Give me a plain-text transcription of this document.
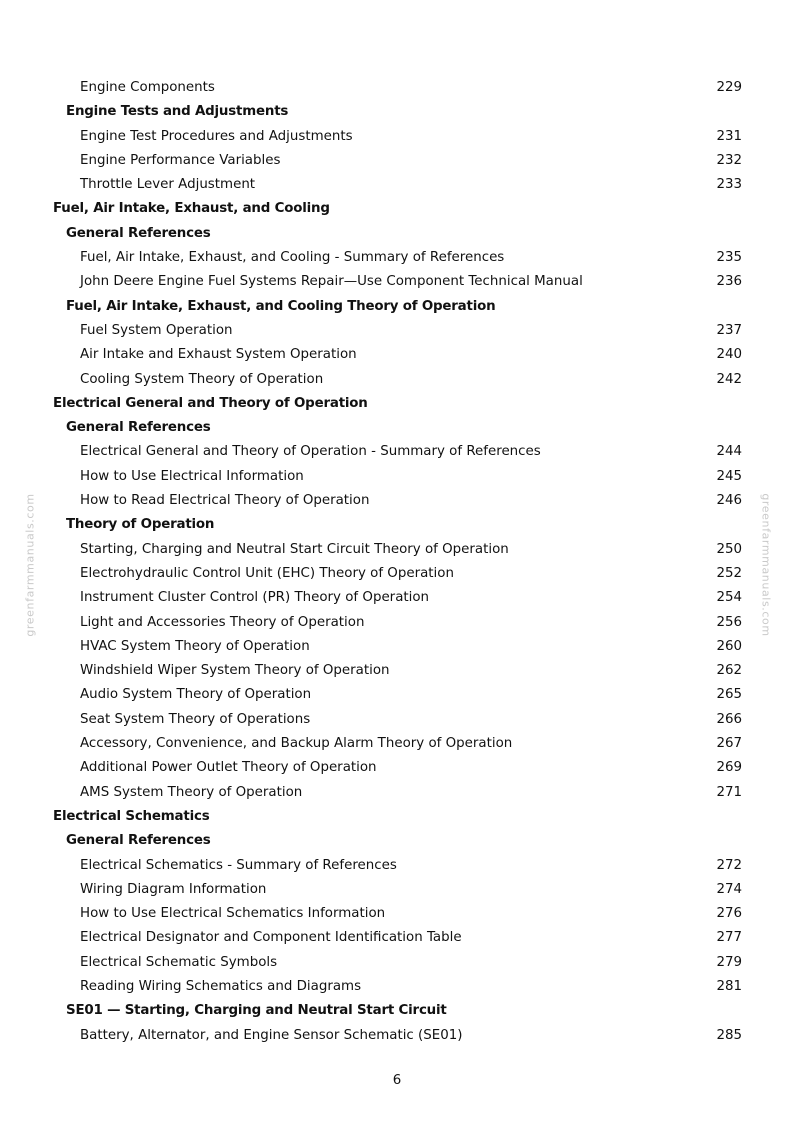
greenfarmmanuals.com	greenfarmmanuals.com
Engine Components	229
Engine Tests and Adjustments
Engine Test Procedures and Adjustments	231
Engine Performance Variables	232
Throttle Lever Adjustment	233
Fuel, Air Intake, Exhaust, and Cooling
General References
Fuel, Air Intake, Exhaust, and Cooling - Summary of References	235
John Deere Engine Fuel Systems Repair—Use Component Technical Manual	236
Fuel, Air Intake, Exhaust, and Cooling Theory of Operation
Fuel System Operation	237
Air Intake and Exhaust System Operation	240
Cooling System Theory of Operation	242
Electrical General and Theory of Operation
General References
Electrical General and Theory of Operation - Summary of References	244
How to Use Electrical Information	245
How to Read Electrical Theory of Operation	246
Theory of Operation
Starting, Charging and Neutral Start Circuit Theory of Operation	250
Electrohydraulic Control Unit (EHC) Theory of Operation	252
Instrument Cluster Control (PR) Theory of Operation	254
Light and Accessories Theory of Operation	256
HVAC System Theory of Operation	260
Windshield Wiper System Theory of Operation	262
Audio System Theory of Operation	265
Seat System Theory of Operations	266
Accessory, Convenience, and Backup Alarm Theory of Operation	267
Additional Power Outlet Theory of Operation	269
AMS System Theory of Operation	271
Electrical Schematics
General References
Electrical Schematics - Summary of References	272
Wiring Diagram Information	274
How to Use Electrical Schematics Information	276
Electrical Designator and Component Identification Table	277
Electrical Schematic Symbols	279
Reading Wiring Schematics and Diagrams	281
SE01 — Starting, Charging and Neutral Start Circuit
Battery, Alternator, and Engine Sensor Schematic (SE01)	285
6
